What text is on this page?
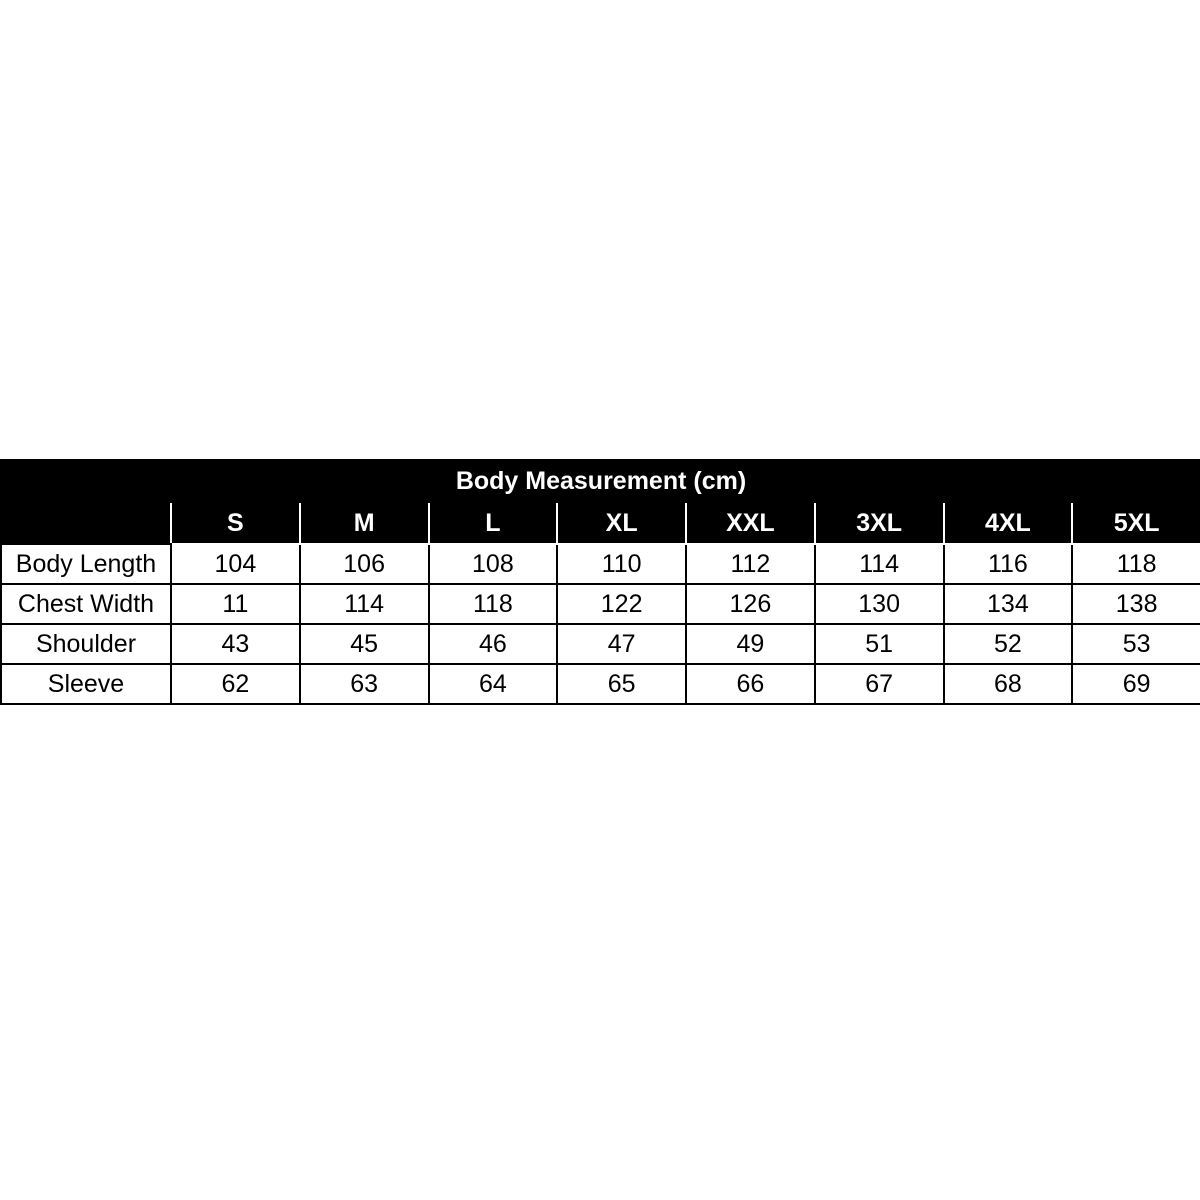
Body Measurement (cm)								
	S	M	L	XL	XXL	3XL	4XL	5XL
Body Length	104	106	108	110	112	114	116	118
Chest Width	11	114	118	122	126	130	134	138
Shoulder	43	45	46	47	49	51	52	53
Sleeve	62	63	64	65	66	67	68	69
